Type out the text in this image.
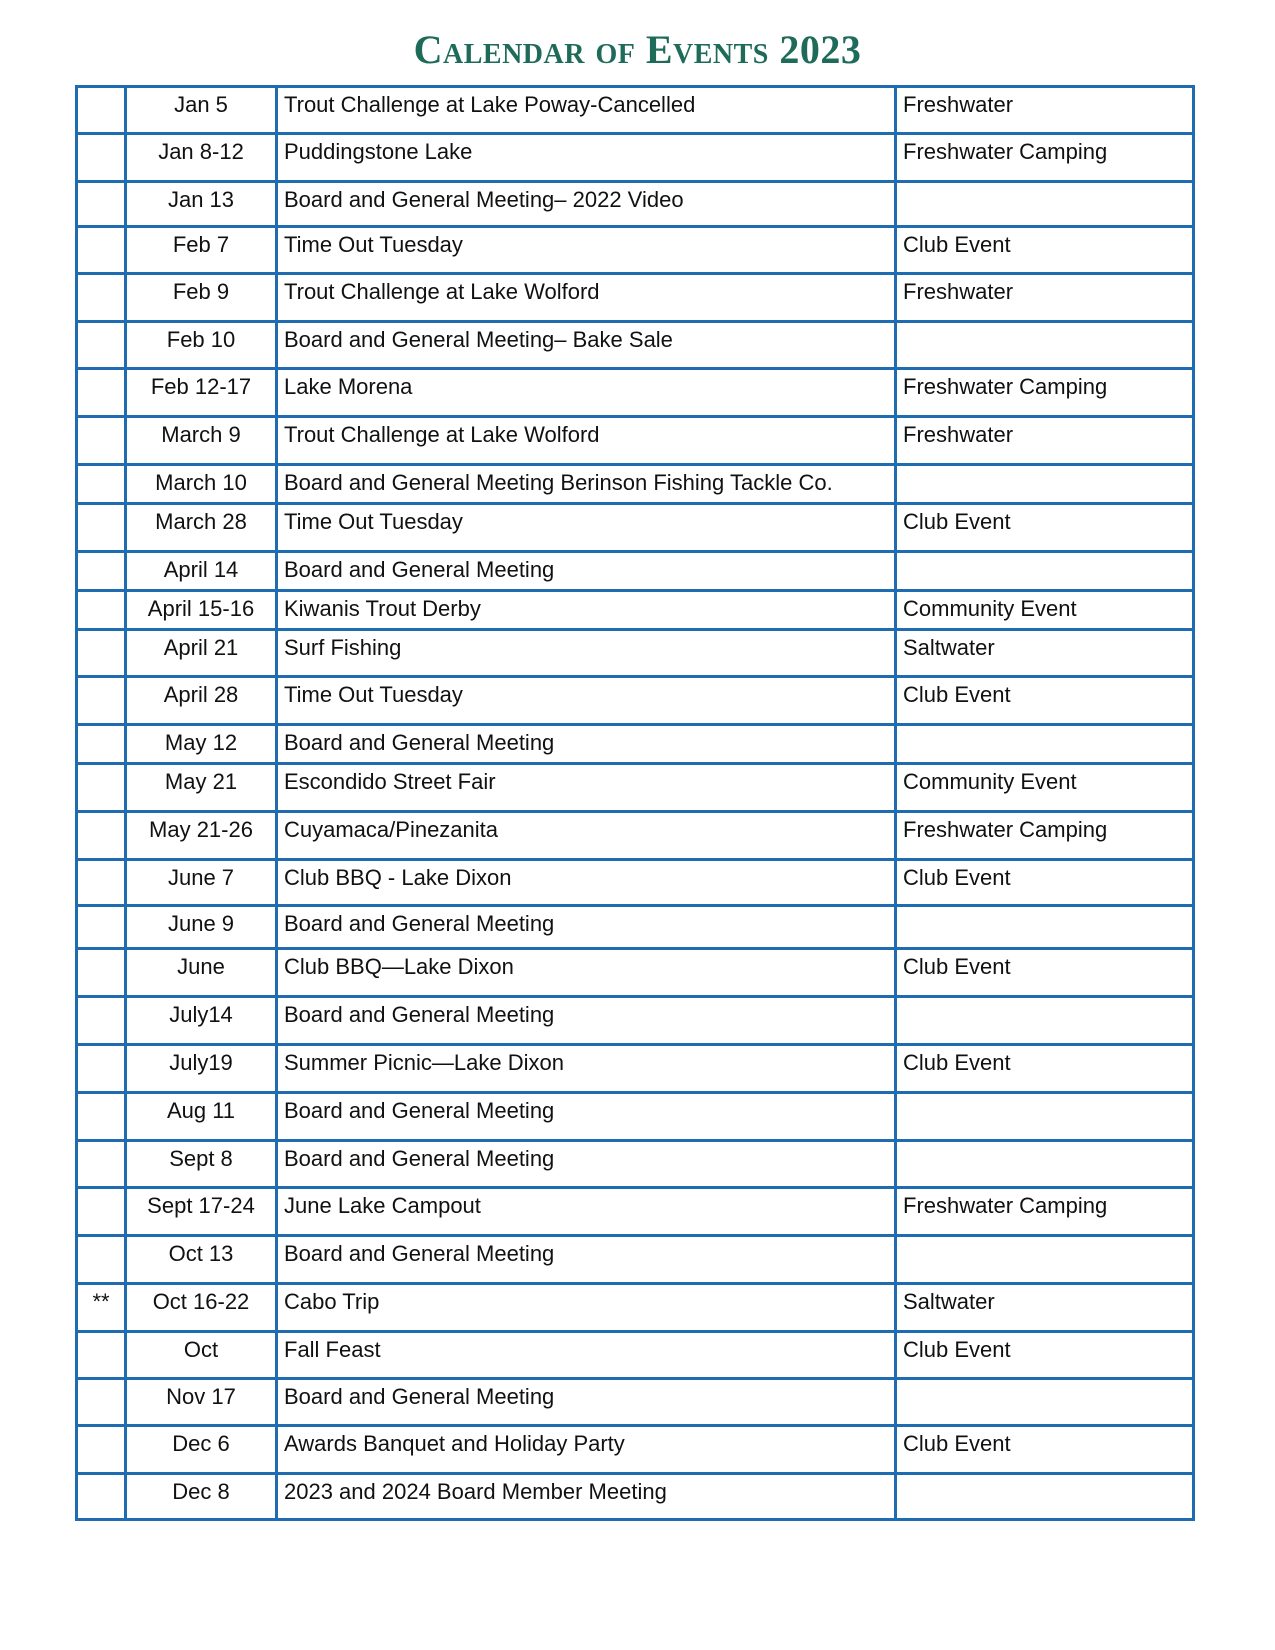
Calendar of Events 2023
	Jan 5	Trout Challenge at Lake Poway-Cancelled	Freshwater
	Jan 8-12	Puddingstone Lake	Freshwater Camping
	Jan 13	Board and General Meeting– 2022 Video	
	Feb 7	Time Out Tuesday	Club Event
	Feb 9	Trout Challenge at Lake Wolford	Freshwater
	Feb 10	Board and General Meeting– Bake Sale	
	Feb 12-17	Lake Morena	Freshwater Camping
	March 9	Trout Challenge at Lake Wolford	Freshwater
	March 10	Board and General Meeting Berinson Fishing Tackle Co.	
	March 28	Time Out Tuesday	Club Event
	April 14	Board and General Meeting	
	April 15-16	Kiwanis Trout Derby	Community Event
	April 21	Surf Fishing	Saltwater
	April 28	Time Out Tuesday	Club Event
	May 12	Board and General Meeting	
	May 21	Escondido Street Fair	Community Event
	May 21-26	Cuyamaca/Pinezanita	Freshwater Camping
	June 7	Club BBQ - Lake Dixon	Club Event
	June 9	Board and General Meeting	
	June	Club BBQ—Lake Dixon	Club Event
	July14	Board and General Meeting	
	July19	Summer Picnic—Lake Dixon	Club Event
	Aug 11	Board and General Meeting	
	Sept 8	Board and General Meeting	
	Sept 17-24	June Lake Campout	Freshwater Camping
	Oct 13	Board and General Meeting	
**	Oct 16-22	Cabo Trip	Saltwater
	Oct	Fall Feast	Club Event
	Nov 17	Board and General Meeting	
	Dec 6	Awards Banquet and Holiday Party	Club Event
	Dec 8	2023 and 2024 Board Member Meeting	
